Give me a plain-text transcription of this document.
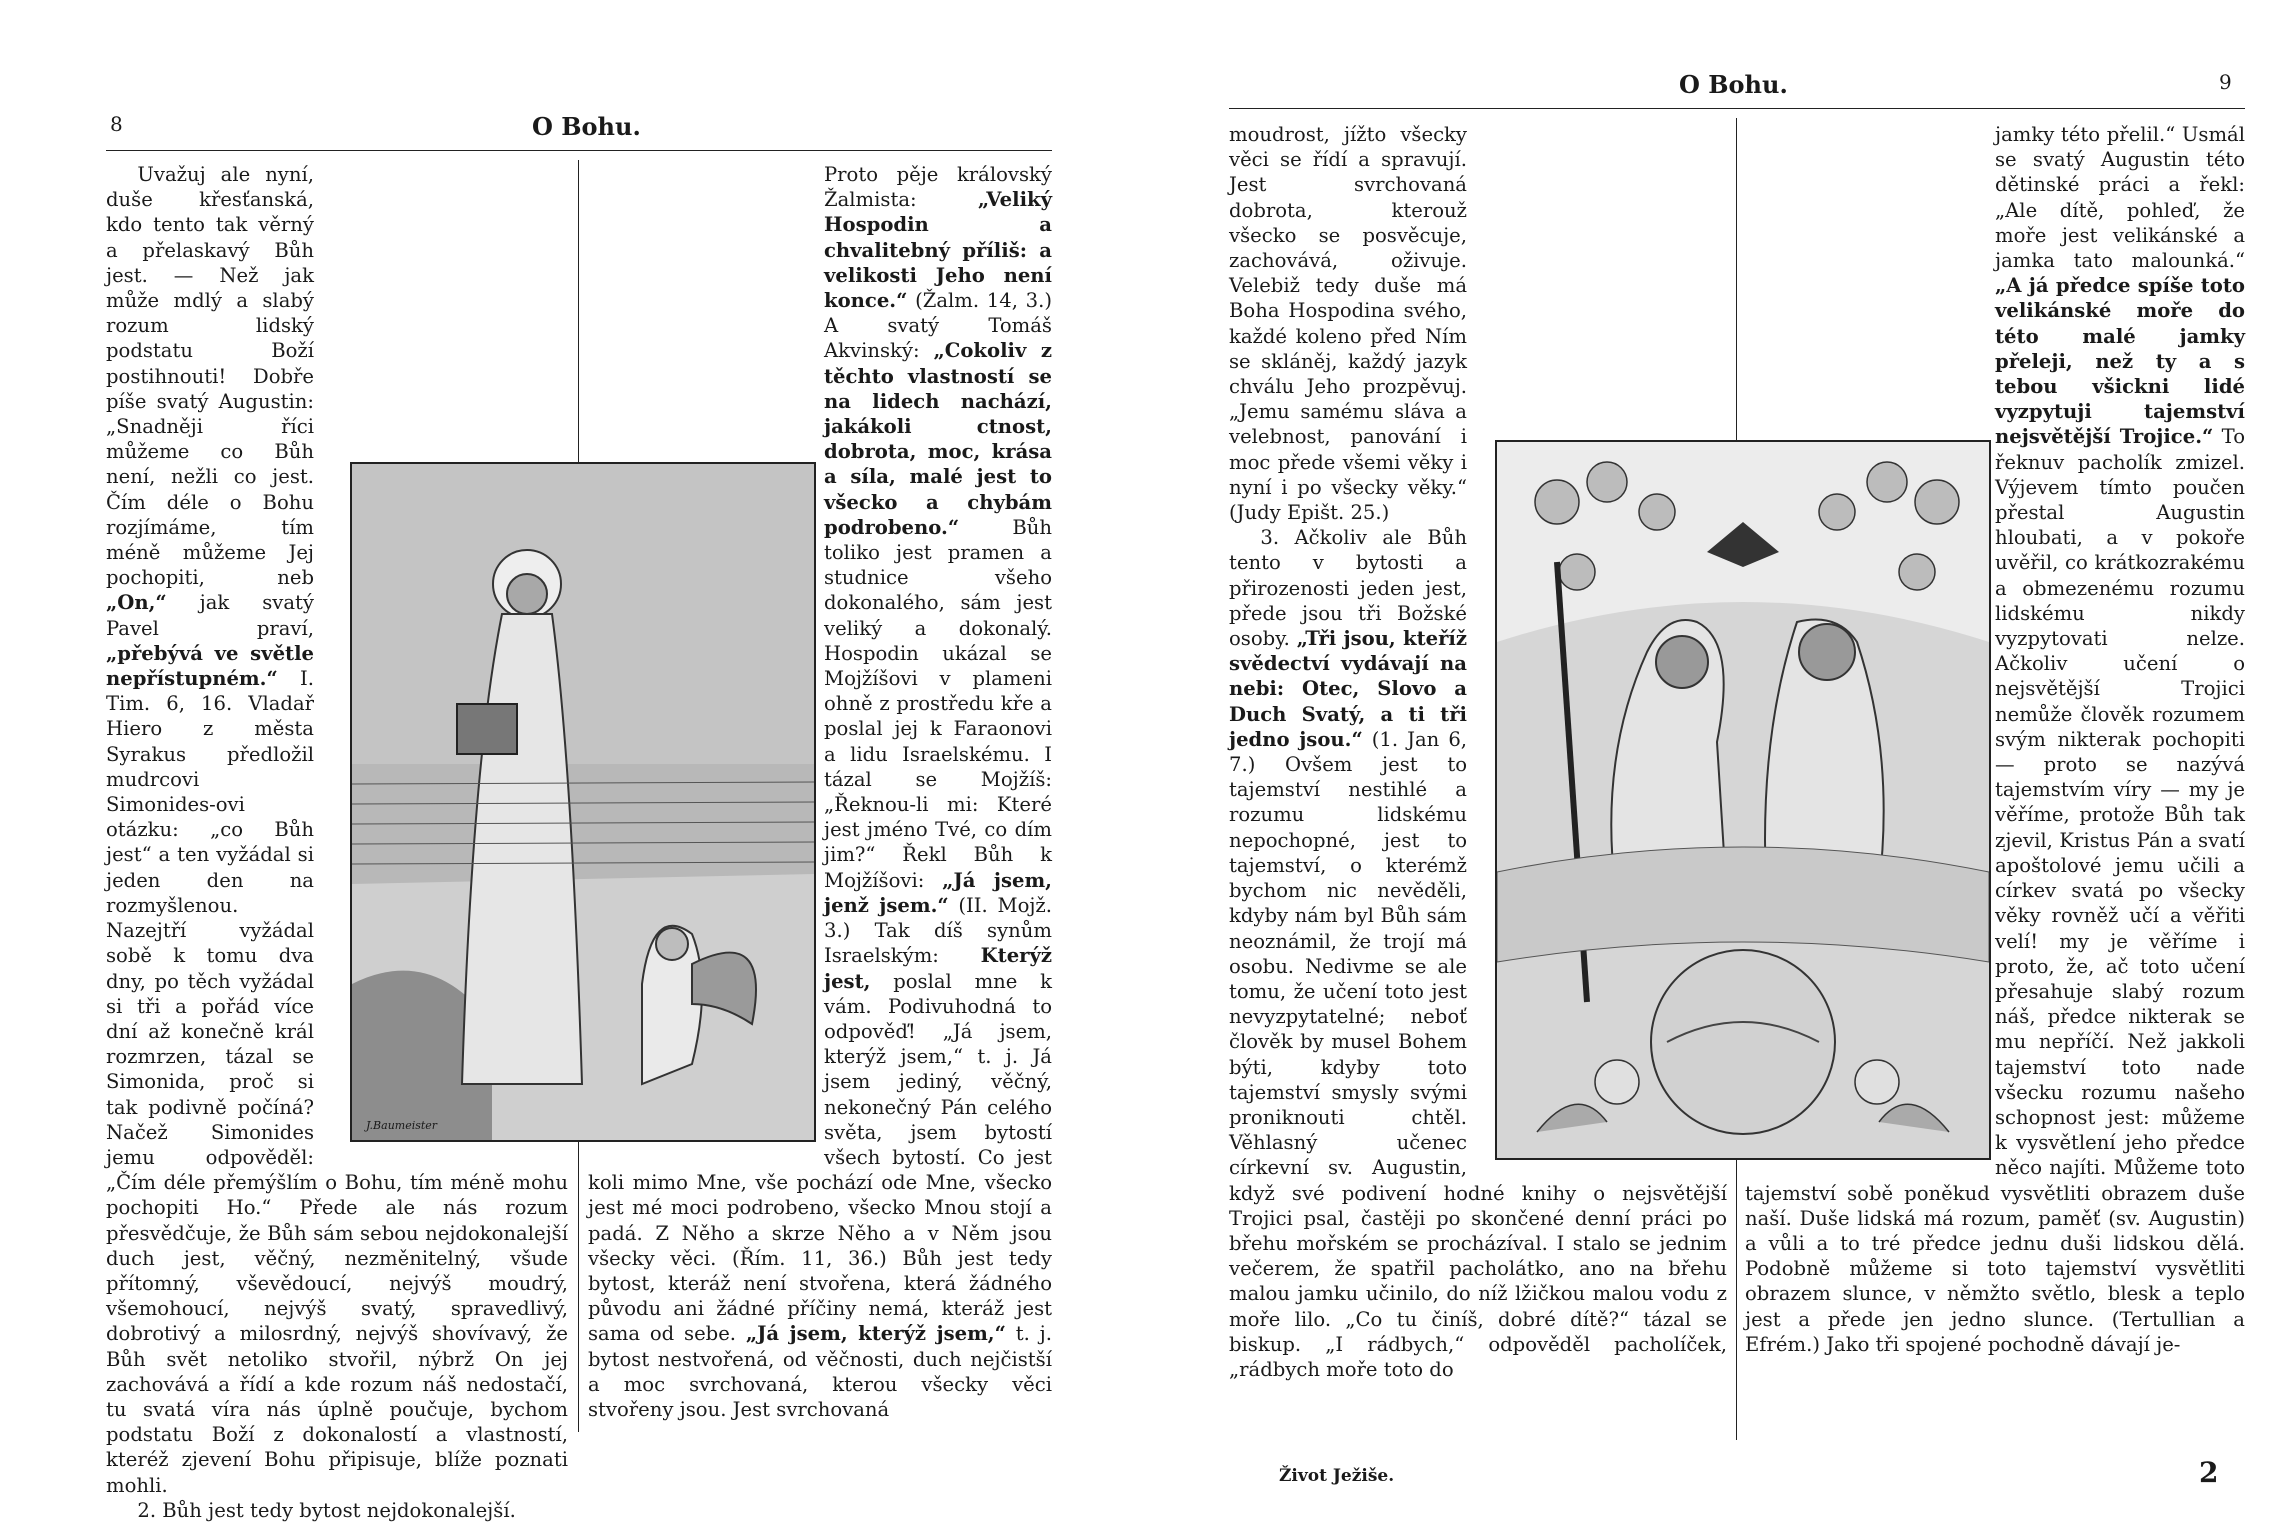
8	O Bohu.
J.Baumeister

Uvažuj ale nyní, duše křesťanská, kdo tento tak věrný a přelaskavý Bůh jest. — Než jak může mdlý a slabý rozum lidský podstatu Boží postihnouti! Dobře píše svatý Augustin: „Snadněji říci můžeme co Bůh není, nežli co jest. Čím déle o Bohu rozjímáme, tím méně můžeme Jej pochopiti, neb „On,“ jak svatý Pavel praví, „přebývá ve světle nepřístupném.“ I. Tim. 6, 16. Vladař Hiero z města Syrakus předložil mudrcovi Simonides-ovi otázku: „co Bůh jest“ a ten vyžádal si jeden den na rozmyšlenou. Nazejtří vyžádal sobě k tomu dva dny, po těch vyžádal si tři a pořád více dní až konečně král rozmrzen, tázal se Simonida, proč si tak podivně počíná? Načež Simonides jemu odpověděl: „Čím déle přemýšlím o Bohu, tím méně mohu pochopiti Ho.“ Přede ale nás rozum přesvědčuje, že Bůh sám sebou nejdokonalejší duch jest, věčný, nezměnitelný, všude přítomný, vševědoucí, nejvýš moudrý, všemohoucí, nejvýš svatý, spravedlivý, dobrotivý a milosrdný, nejvýš shovívavý, že Bůh svět netoliko stvořil, nýbrž On jej zachovává a řídí a kde rozum náš nedostačí, tu svatá víra nás úplně poučuje, bychom podstatu Boží z dokonalostí a vlastností, kteréž zjevení Bohu připisuje, blíže poznati mohli.

2. Bůh jest tedy bytost nejdokonalejší.

Proto pěje královský Žalmista: „Veliký Hospodin a chvalitebný příliš: a velikosti Jeho není konce.“ (Žalm. 14, 3.) A svatý Tomáš Akvinský: „Cokoliv z těchto vlastností se na lidech nachází, jakákoli ctnost, dobrota, moc, krása a síla, malé jest to všecko a chybám podrobeno.“ Bůh toliko jest pramen a studnice všeho dokonalého, sám jest veliký a dokonalý. Hospodin ukázal se Mojžíšovi v plameni ohně z prostředu kře a poslal jej k Faraonovi a lidu Israelskému. I tázal se Mojžíš: „Řeknou-li mi: Které jest jméno Tvé, co dím jim?“ Řekl Bůh k Mojžíšovi: „Já jsem, jenž jsem.“ (II. Mojž. 3.) Tak díš synům Israelským: Kterýž jest, poslal mne k vám. Podivuhodná to odpověď! „Já jsem, kterýž jsem,“ t. j. Já jsem jediný, věčný, nekonečný Pán celého světa, jsem bytostí všech bytostí. Co jest koli mimo Mne, vše pochází ode Mne, všecko jest mé moci podrobeno, všecko Mnou stojí a padá. Z Něho a skrze Něho a v Něm jsou všecky věci. (Řím. 11, 36.) Bůh jest tedy bytost, kteráž není stvořena, která žádného původu ani žádné příčiny nemá, kteráž jest sama od sebe. „Já jsem, kterýž jsem,“ t. j. bytost nestvořená, od věčnosti, duch nejčistší a moc svrchovaná, kterou všecky věci stvořeny jsou. Jest svrchovaná

O Bohu.	9

moudrost, jížto všecky věci se řídí a spravují. Jest svrchovaná dobrota, kterouž všecko se posvěcuje, zachovává, oživuje. Velebiž tedy duše má Boha Hospodina svého, každé koleno před Ním se skláněj, každý jazyk chválu Jeho prozpěvuj. „Jemu samému sláva a velebnost, panování i moc přede všemi věky i nyní i po všecky věky.“ (Judy Epišt. 25.)

3. Ačkoliv ale Bůh tento v bytosti a přirozenosti jeden jest, přede jsou tři Božské osoby. „Tři jsou, kteříž svědectví vydávají na nebi: Otec, Slovo a Duch Svatý, a ti tři jedno jsou.“ (1. Jan 6, 7.) Ovšem jest to tajemství nestihlé a rozumu lidskému nepochopné, jest to tajemství, o kterémž bychom nic nevěděli, kdyby nám byl Bůh sám neoznámil, že trojí má osobu. Nedivme se ale tomu, že učení toto jest nevyzpytatelné; neboť člověk by musel Bohem býti, kdyby toto tajemství smysly svými proniknouti chtěl. Věhlasný učenec církevní sv. Augustin, když své podivení hodné knihy o nejsvětější Trojici psal, častěji po skončené denní práci po břehu mořském se procházíval. I stalo se jednim večerem, že spatřil pacholátko, ano na břehu malou jamku učinilo, do níž lžičkou malou vodu z moře lilo. „Co tu činíš, dobré dítě?“ tázal se biskup. „I rádbych,“ odpověděl pacholíček, „rádbych moře toto do

jamky této přelil.“ Usmál se svatý Augustin této dětinské práci a řekl: „Ale dítě, pohleď, že moře jest velikánské a jamka tato malounká.“ „A já předce spíše toto velikánské moře do této malé jamky přeleji, než ty a s tebou všickni lidé vyzpytuji tajemství nejsvětější Trojice.“ To řeknuv pacholík zmizel. Výjevem tímto poučen přestal Augustin hloubati, a v pokoře uvěřil, co krátkozrakému a obmezenému rozumu lidskému nikdy vyzpytovati nelze. Ačkoliv učení o nejsvětější Trojici nemůže člověk rozumem svým nikterak pochopiti — proto se nazývá tajemstvím víry — my je věříme, protože Bůh tak zjevil, Kristus Pán a svatí apoštolové jemu učili a církev svatá po všecky věky rovněž učí a věřiti velí! my je věříme i proto, že, ač toto učení přesahuje slabý rozum náš, předce nikterak se mu nepříčí. Než jakkoli tajemství toto nade všecku rozumu našeho schopnost jest: můžeme k vysvětlení jeho předce něco najíti. Můžeme toto tajemství sobě poněkud vysvětliti obrazem duše naší. Duše lidská má rozum, paměť (sv. Augustin) a vůli a to tré předce jednu duši lidskou dělá. Podobně můžeme si toto tajemství vysvětliti obrazem slunce, v němžto světlo, blesk a teplo jest a přede jen jedno slunce. (Tertullian a Efrém.) Jako tři spojené pochodně dávají je-

Život Ježiše.	2
